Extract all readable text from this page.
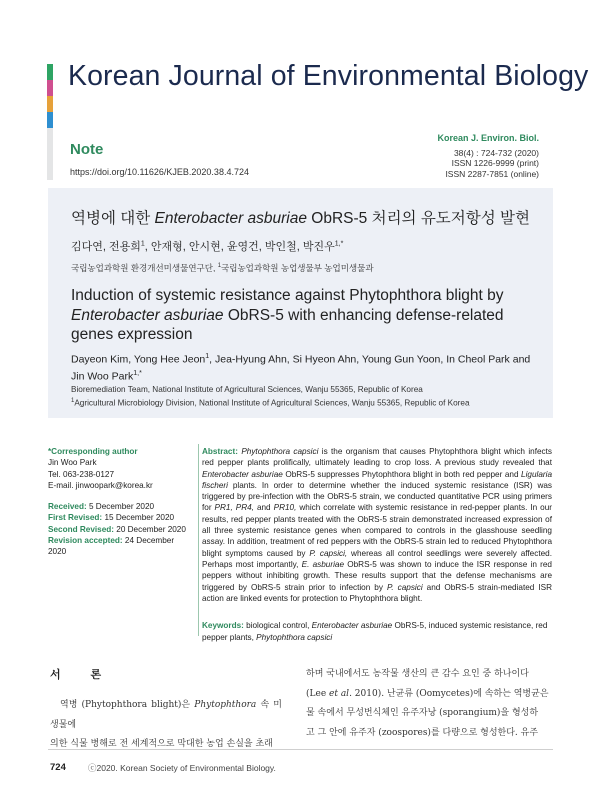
Korean Journal of Environmental Biology
Note
https://doi.org/10.11626/KJEB.2020.38.4.724
Korean J. Environ. Biol.
38(4) : 724-732 (2020)
ISSN 1226-9999 (print)
ISSN 2287-7851 (online)
역병에 대한 Enterobacter asburiae ObRS-5 처리의 유도저항성 발현
김다연, 전용희$^1$, 안재형, 안시현, 윤영건, 박인철, 박진우$^{1,*}$
국립농업과학원 환경개선미생물연구단, $^1$국립농업과학원 농업생물부 농업미생물과
Induction of systemic resistance against Phytophthora blight by
Enterobacter asburiae ObRS-5 with enhancing defense-related
genes expression
Dayeon Kim, Yong Hee Jeon$^1$, Jea-Hyung Ahn, Si Hyeon Ahn, Young Gun Yoon, In Cheol Park and Jin Woo Park$^{1,*}$
Bioremediation Team, National Institute of Agricultural Sciences, Wanju 55365, Republic of Korea
$^1$Agricultural Microbiology Division, National Institute of Agricultural Sciences, Wanju 55365, Republic of Korea
*Corresponding author
Jin Woo Park
Tel. 063-238-0127
E-mail. jinwoopark@korea.kr
Received: 5 December 2020
First Revised: 15 December 2020
Second Revised: 20 December 2020
Revision accepted: 24 December 2020
Abstract: Phytophthora capsici is the organism that causes Phytophthora blight which infects red pepper plants prolifically, ultimately leading to crop loss. A previous study revealed that Enterobacter asburiae ObRS-5 suppresses Phytophthora blight in both red pepper and Ligularia fischeri plants. In order to determine whether the induced systemic resistance (ISR) was triggered by pre-infection with the ObRS-5 strain, we conducted quantitative PCR using primers for PR1, PR4, and PR10, which correlate with systemic resistance in red-pepper plants. In our results, red pepper plants treated with the ObRS-5 strain demonstrated increased expression of all three systemic resistance genes when compared to controls in the glasshouse seedling assay. In addition, treatment of red peppers with the ObRS-5 strain led to reduced Phytophthora blight symptoms caused by P. capsici, whereas all control seedlings were severely affected. Perhaps most importantly, E. asburiae ObRS-5 was shown to induce the ISR response in red peppers without inhibiting growth. These results support that the defense mechanisms are triggered by ObRS-5 strain prior to infection by P. capsici and ObRS-5 strain-mediated ISR action are linked events for protection to Phytophthora blight.
Keywords: biological control, Enterobacter asburiae ObRS-5, induced systemic resistance, red pepper plants, Phytophthora capsici
서 론
역병 (Phytophthora blight)은 Phytophthora 속 미생물에
의한 식물 병해로 전 세계적으로 막대한 농업 손실을 초래
하며 국내에서도 농작물 생산의 큰 감수 요인 중 하나이다
(Lee et al. 2010). 난균류 (Oomycetes)에 속하는 역병균은
물 속에서 무성번식체인 유주자낭 (sporangium)을 형성하
고 그 안에 유주자 (zoospores)를 다량으로 형성한다. 유주
724	ⓒ2020. Korean Society of Environmental Biology.
